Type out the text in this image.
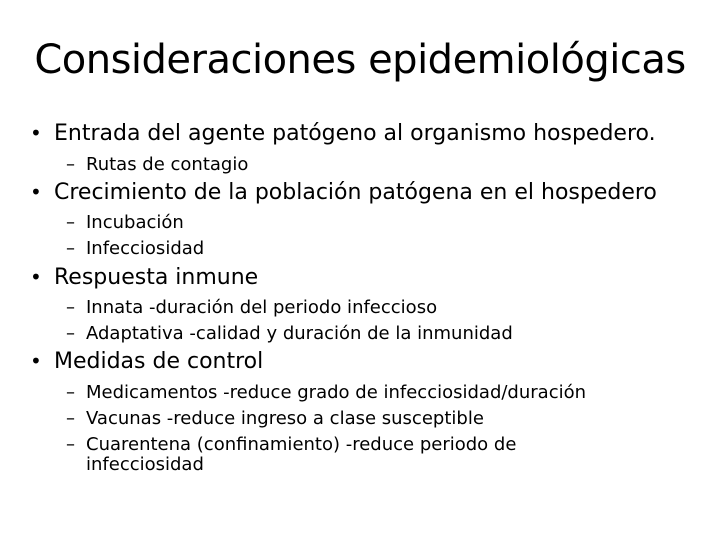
Consideraciones epidemiológicas
• Entrada del agente patógeno al organismo hospedero.
– Rutas de contagio
• Crecimiento de la población patógena en el hospedero
– Incubación
– Infecciosidad
• Respuesta inmune
– Innata -duración del periodo infeccioso
– Adaptativa -calidad y duración de la inmunidad
• Medidas de control
– Medicamentos -reduce grado de infecciosidad/duración
– Vacunas -reduce ingreso a clase susceptible
– Cuarentena (confinamiento) -reduce periodo de
infecciosidad
